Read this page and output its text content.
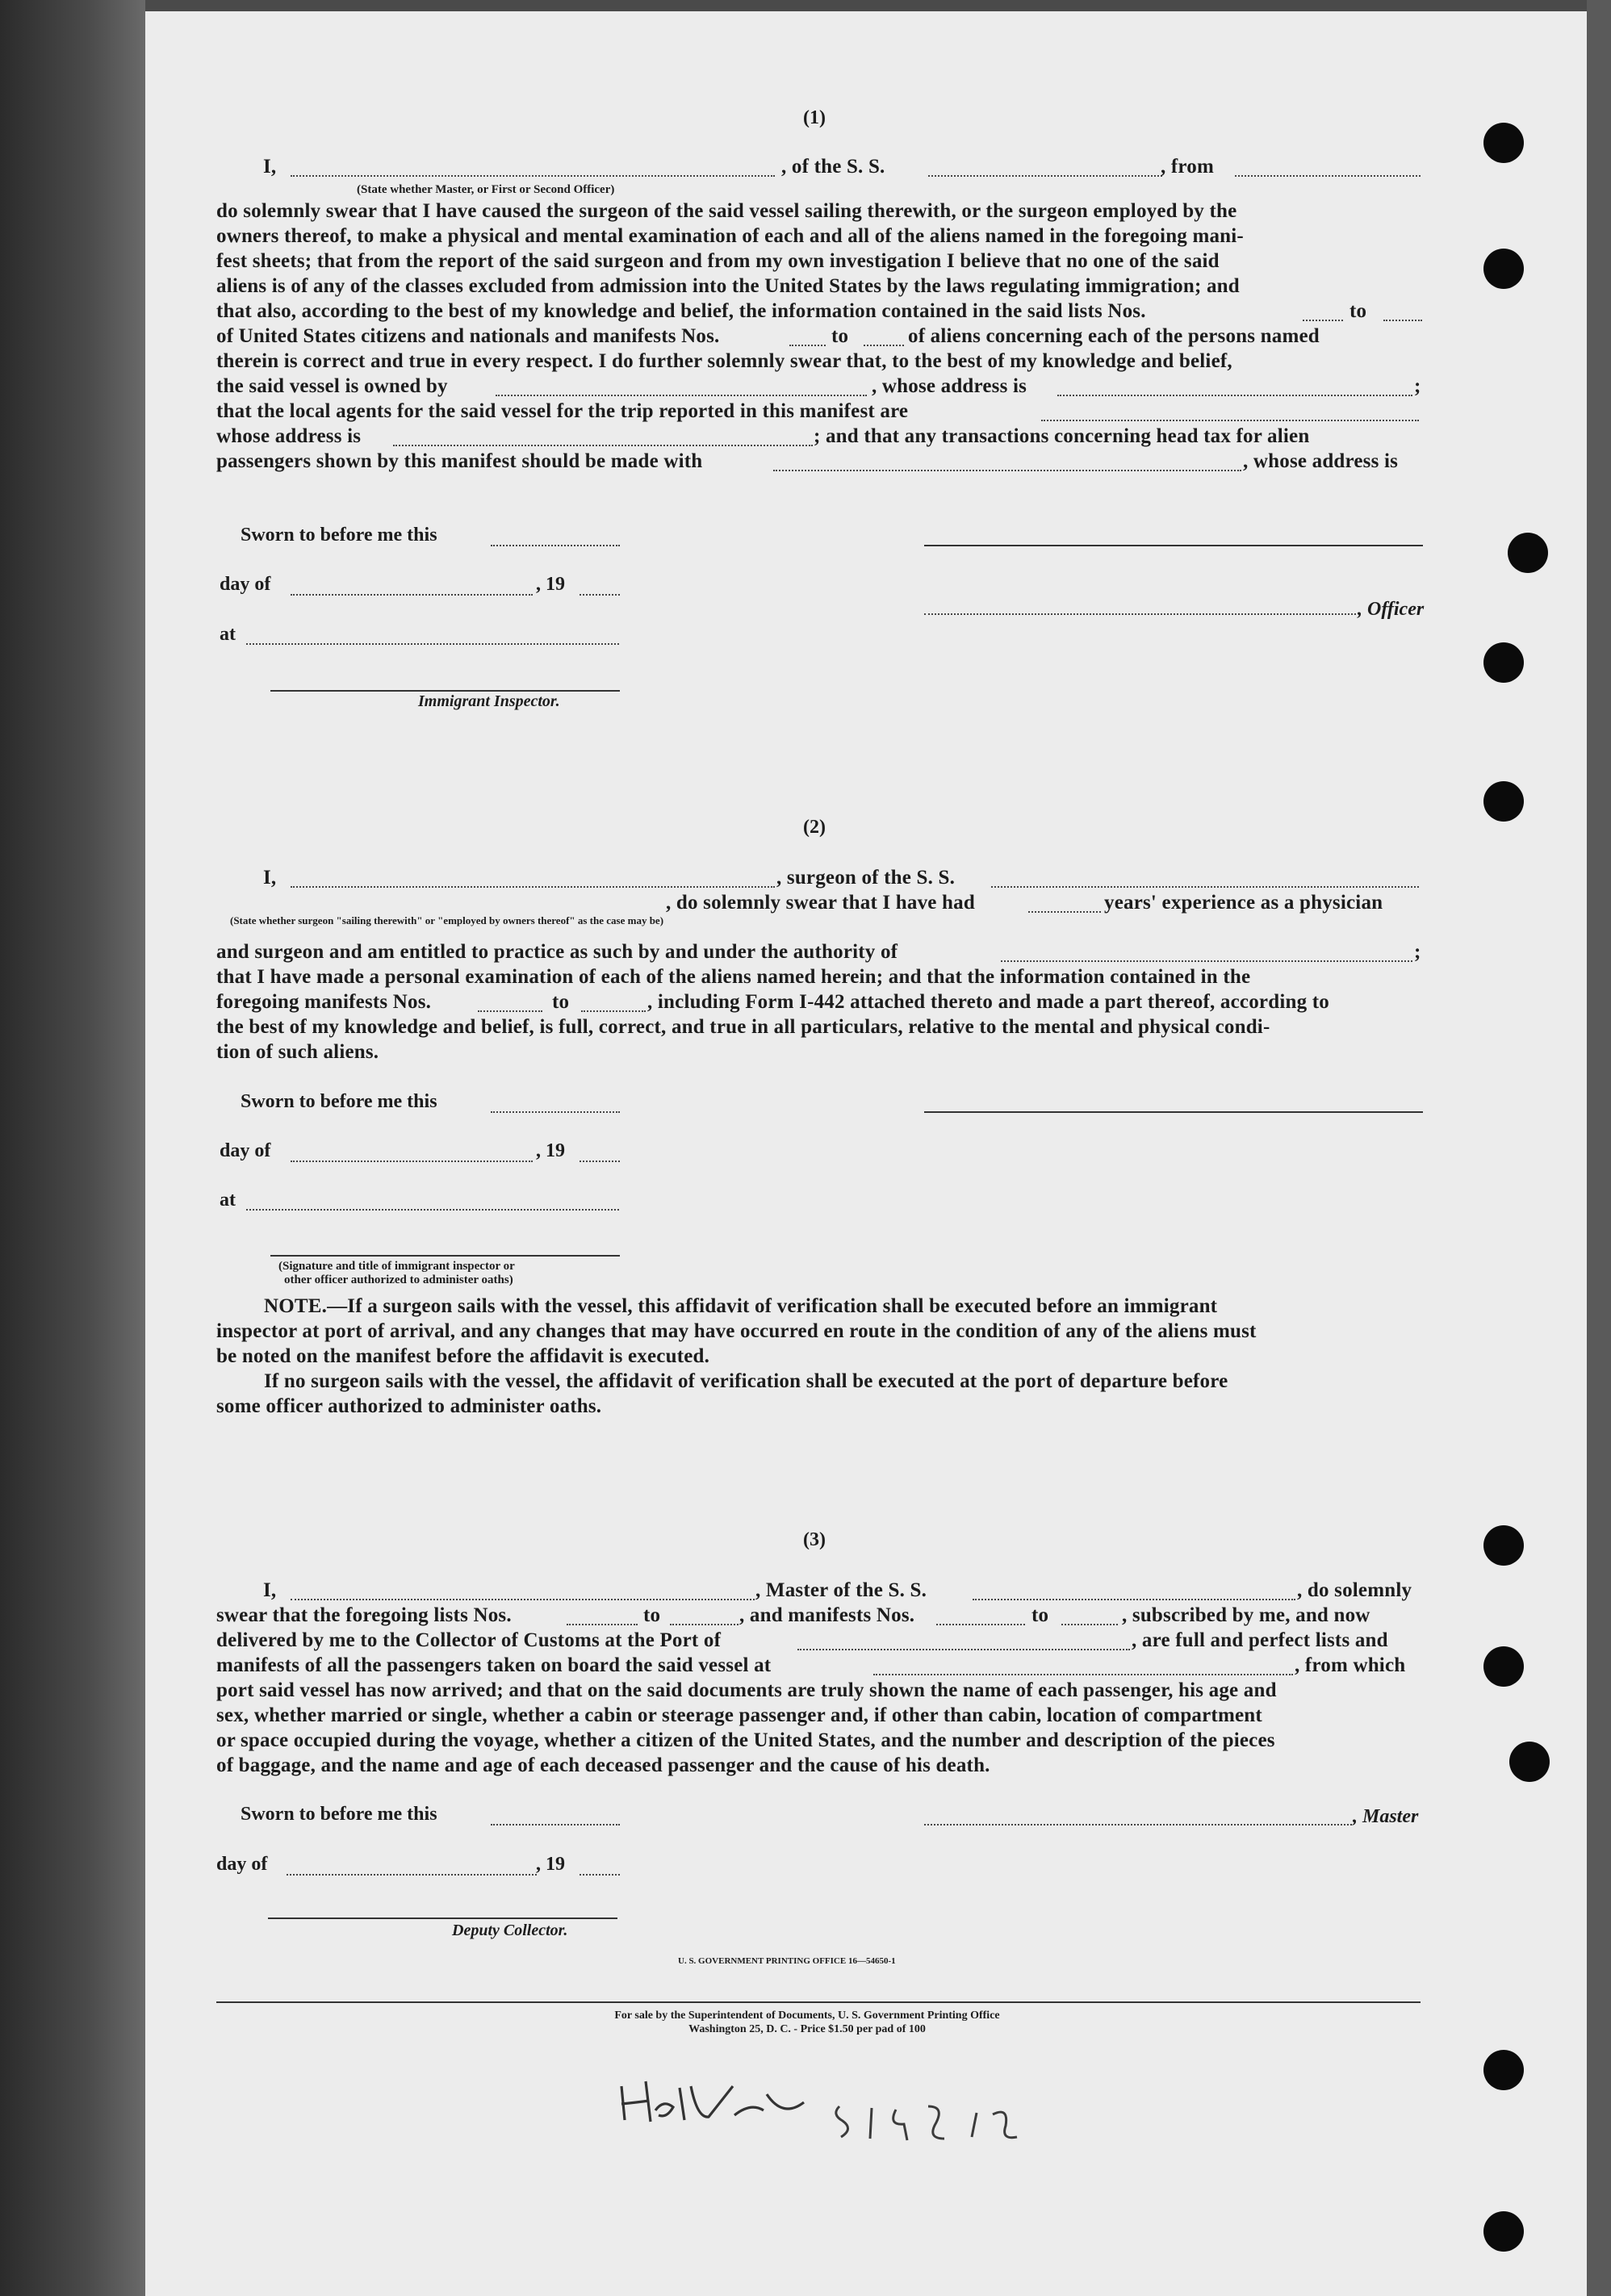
(1)
I,	, of the S. S.	, from
(State whether Master, or First or Second Officer)
do solemnly swear that I have caused the surgeon of the said vessel sailing therewith, or the surgeon employed by the
owners thereof, to make a physical and mental examination of each and all of the aliens named in the foregoing mani-
fest sheets; that from the report of the said surgeon and from my own investigation I believe that no one of the said
aliens is of any of the classes excluded from admission into the United States by the laws regulating immigration; and
that also, according to the best of my knowledge and belief, the information contained in the said lists Nos.	to
of United States citizens and nationals and manifests Nos.	to	of aliens concerning each of the persons named
therein is correct and true in every respect. I do further solemnly swear that, to the best of my knowledge and belief,
the said vessel is owned by	, whose address is	;
that the local agents for the said vessel for the trip reported in this manifest are
whose address is	; and that any transactions concerning head tax for alien
passengers shown by this manifest should be made with	, whose address is
Sworn to before me this
day of	, 19
, Officer
at
Immigrant Inspector.
(2)
I,	, surgeon of the S. S.
(State whether surgeon "sailing therewith" or "employed by owners thereof" as the case may be)
, do solemnly swear that I have had	years' experience as a physician
and surgeon and am entitled to practice as such by and under the authority of	;
that I have made a personal examination of each of the aliens named herein; and that the information contained in the
foregoing manifests Nos.	to	, including Form I-442 attached thereto and made a part thereof, according to
the best of my knowledge and belief, is full, correct, and true in all particulars, relative to the mental and physical condi-
tion of such aliens.
Sworn to before me this
day of	, 19
at
(Signature and title of immigrant inspector or
other officer authorized to administer oaths)
NOTE.—If a surgeon sails with the vessel, this affidavit of verification shall be executed before an immigrant
inspector at port of arrival, and any changes that may have occurred en route in the condition of any of the aliens must
be noted on the manifest before the affidavit is executed.
If no surgeon sails with the vessel, the affidavit of verification shall be executed at the port of departure before
some officer authorized to administer oaths.
(3)
I,	, Master of the S. S.	, do solemnly
swear that the foregoing lists Nos.	to	, and manifests Nos.	to	, subscribed by me, and now
delivered by me to the Collector of Customs at the Port of	, are full and perfect lists and
manifests of all the passengers taken on board the said vessel at	, from which
port said vessel has now arrived; and that on the said documents are truly shown the name of each passenger, his age and
sex, whether married or single, whether a cabin or steerage passenger and, if other than cabin, location of compartment
or space occupied during the voyage, whether a citizen of the United States, and the number and description of the pieces
of baggage, and the name and age of each deceased passenger and the cause of his death.
Sworn to before me this	, Master
day of	, 19
Deputy Collector.
U. S. GOVERNMENT PRINTING OFFICE 16—54650-1
For sale by the Superintendent of Documents, U. S. Government Printing Office
Washington 25, D. C. - Price $1.50 per pad of 100
